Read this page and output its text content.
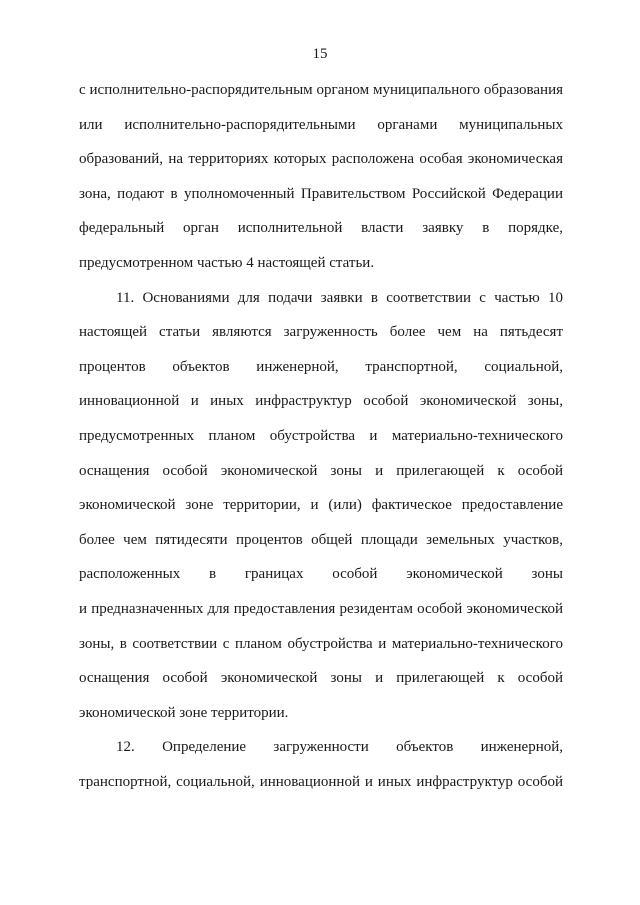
15
с исполнительно-распорядительным органом муниципального образования
или исполнительно-распорядительными органами муниципальных
образований, на территориях которых расположена особая экономическая
зона, подают в уполномоченный Правительством Российской Федерации
федеральный орган исполнительной власти заявку в порядке,
предусмотренном частью 4 настоящей статьи.
11. Основаниями для подачи заявки в соответствии с частью 10
настоящей статьи являются загруженность более чем на пятьдесят
процентов объектов инженерной, транспортной, социальной,
инновационной и иных инфраструктур особой экономической зоны,
предусмотренных планом обустройства и материально-технического
оснащения особой экономической зоны и прилегающей к особой
экономической зоне территории, и (или) фактическое предоставление
более чем пятидесяти процентов общей площади земельных участков,
расположенных в границах особой экономической зоны
и предназначенных для предоставления резидентам особой экономической
зоны, в соответствии с планом обустройства и материально-технического
оснащения особой экономической зоны и прилегающей к особой
экономической зоне территории.
12. Определение загруженности объектов инженерной,
транспортной, социальной, инновационной и иных инфраструктур особой
